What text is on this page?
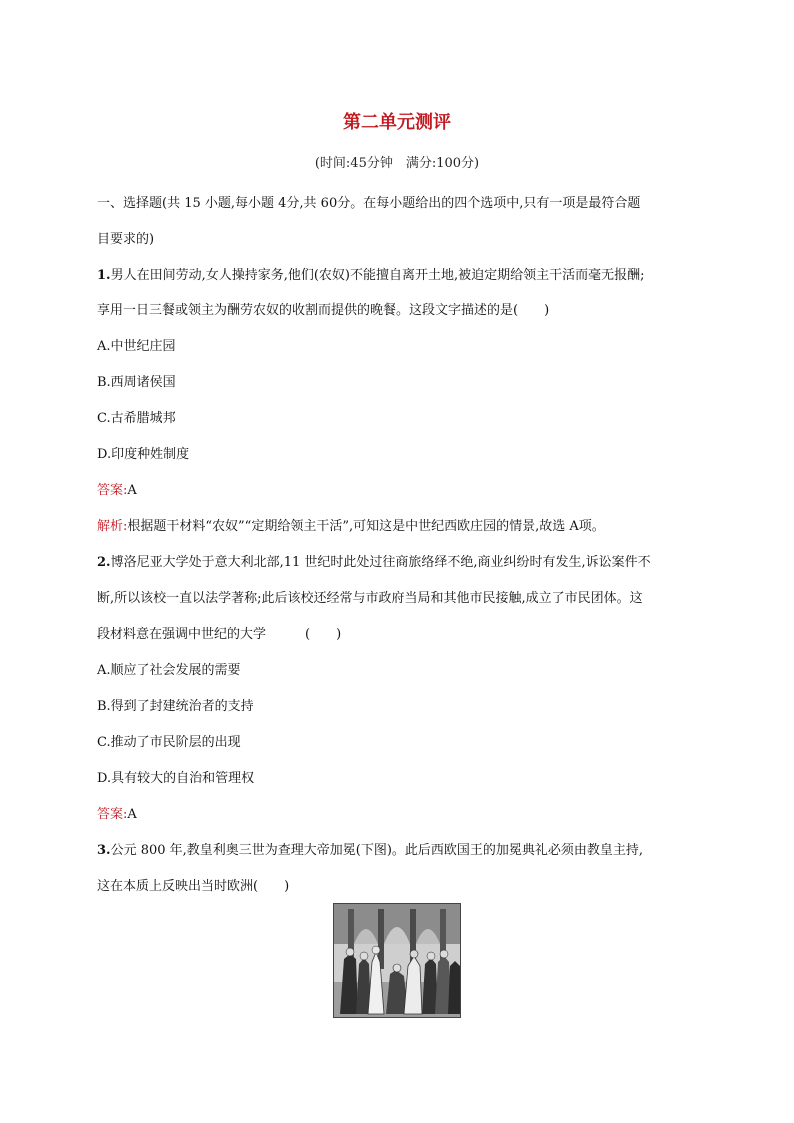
第二单元测评
(时间:45分钟　满分:100分)
一、选择题(共 15 小题,每小题 4分,共 60分。在每小题给出的四个选项中,只有一项是最符合题
目要求的)
1.男人在田间劳动,女人操持家务,他们(农奴)不能擅自离开土地,被迫定期给领主干活而毫无报酬;
享用一日三餐或领主为酬劳农奴的收割而提供的晚餐。这段文字描述的是(　　)
A.中世纪庄园
B.西周诸侯国
C.古希腊城邦
D.印度种姓制度
答案:A
解析:根据题干材料“农奴”“定期给领主干活”,可知这是中世纪西欧庄园的情景,故选 A项。
2.博洛尼亚大学处于意大利北部,11 世纪时此处过往商旅络绎不绝,商业纠纷时有发生,诉讼案件不
断,所以该校一直以法学著称;此后该校还经常与市政府当局和其他市民接触,成立了市民团体。这
段材料意在强调中世纪的大学　　　(　　)
A.顺应了社会发展的需要
B.得到了封建统治者的支持
C.推动了市民阶层的出现
D.具有较大的自治和管理权
答案:A
3.公元 800 年,教皇利奥三世为查理大帝加冕(下图)。此后西欧国王的加冕典礼必须由教皇主持,
这在本质上反映出当时欧洲(　　)
